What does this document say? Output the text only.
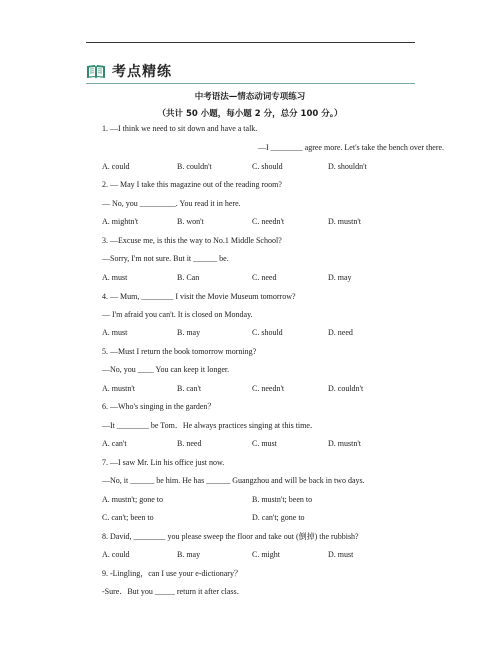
考点精练
中考语法—情态动词专项练习
（共计 50 小题，每小题 2 分，总分 100 分。）
1. —I think we need to sit down and have a talk.
—I ________ agree more. Let's take the bench over there.
A. could	B. couldn't	C. should	D. shouldn't
2. — May I take this magazine out of the reading room?
— No, you _________. You read it in here.
A. mightn't	B. won't	C. needn't	D. mustn't
3. —Excuse me, is this the way to No.1 Middle School?
—Sorry, I'm not sure. But it ______ be.
A. must	B. Can	C. need	D. may
4. — Mum, ________ I visit the Movie Museum tomorrow?
— I'm afraid you can't. It is closed on Monday.
A. must	B. may	C. should	D. need
5. —Must I return the book tomorrow morning?
—No, you ____ You can keep it longer.
A. mustn't	B. can't	C. needn't	D. couldn't
6. —Who's singing in the garden？
—It ________ be Tom．He always practices singing at this time．
A. can't	B. need	C. must	D. mustn't
7. —I saw Mr. Lin his office just now.
—No, it ______ be him. He has ______ Guangzhou and will be back in two days.
A. mustn't; gone to	B. mustn't; been to
C. can't; been to	D. can't; gone to
8. David, ________ you please sweep the floor and take out (倒掉) the rubbish?
A. could	B. may	C. might	D. must
9. -Lingling，can I use your e-dictionary？
-Sure．But you _____ return it after class．
